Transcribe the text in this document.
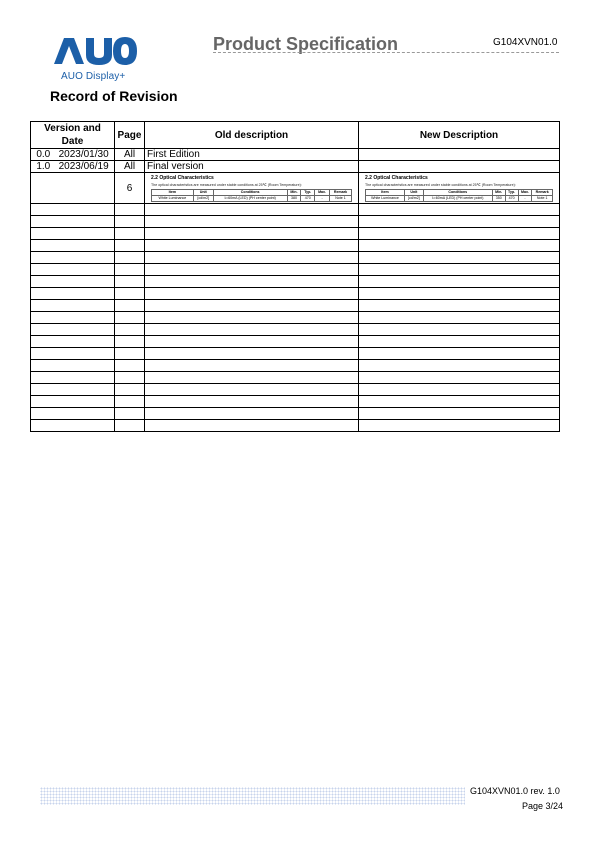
AUO Display+
Product Specification	G104XVN01.0
Record of Revision
Version and Date	Page	Old description	New Description
0.0 2023/01/30	All	First Edition	
1.0 2023/06/19	All	Final version	
	6	
2.2 Optical Characteristics
The optical characteristics are measured under stable conditions at 25℃ (Room Temperature):
Item	Unit	Conditions	Min.	Typ.	Max.	Remark
White Luminance	[cd/m2]	Iₗ=60mA (LED) (PH center point)	380	470	-	Note 1

2.2 Optical Characteristics
The optical characteristics are measured under stable conditions at 25℃ (Room Temperature):
Item	Unit	Conditions	Min.	Typ.	Max.	Remark
White Luminance	[cd/m2]	Iₗ=60mA (LED) (PH center point)	350	470	-	Note 1

G104XVN01.0 rev. 1.0
Page 3/24
